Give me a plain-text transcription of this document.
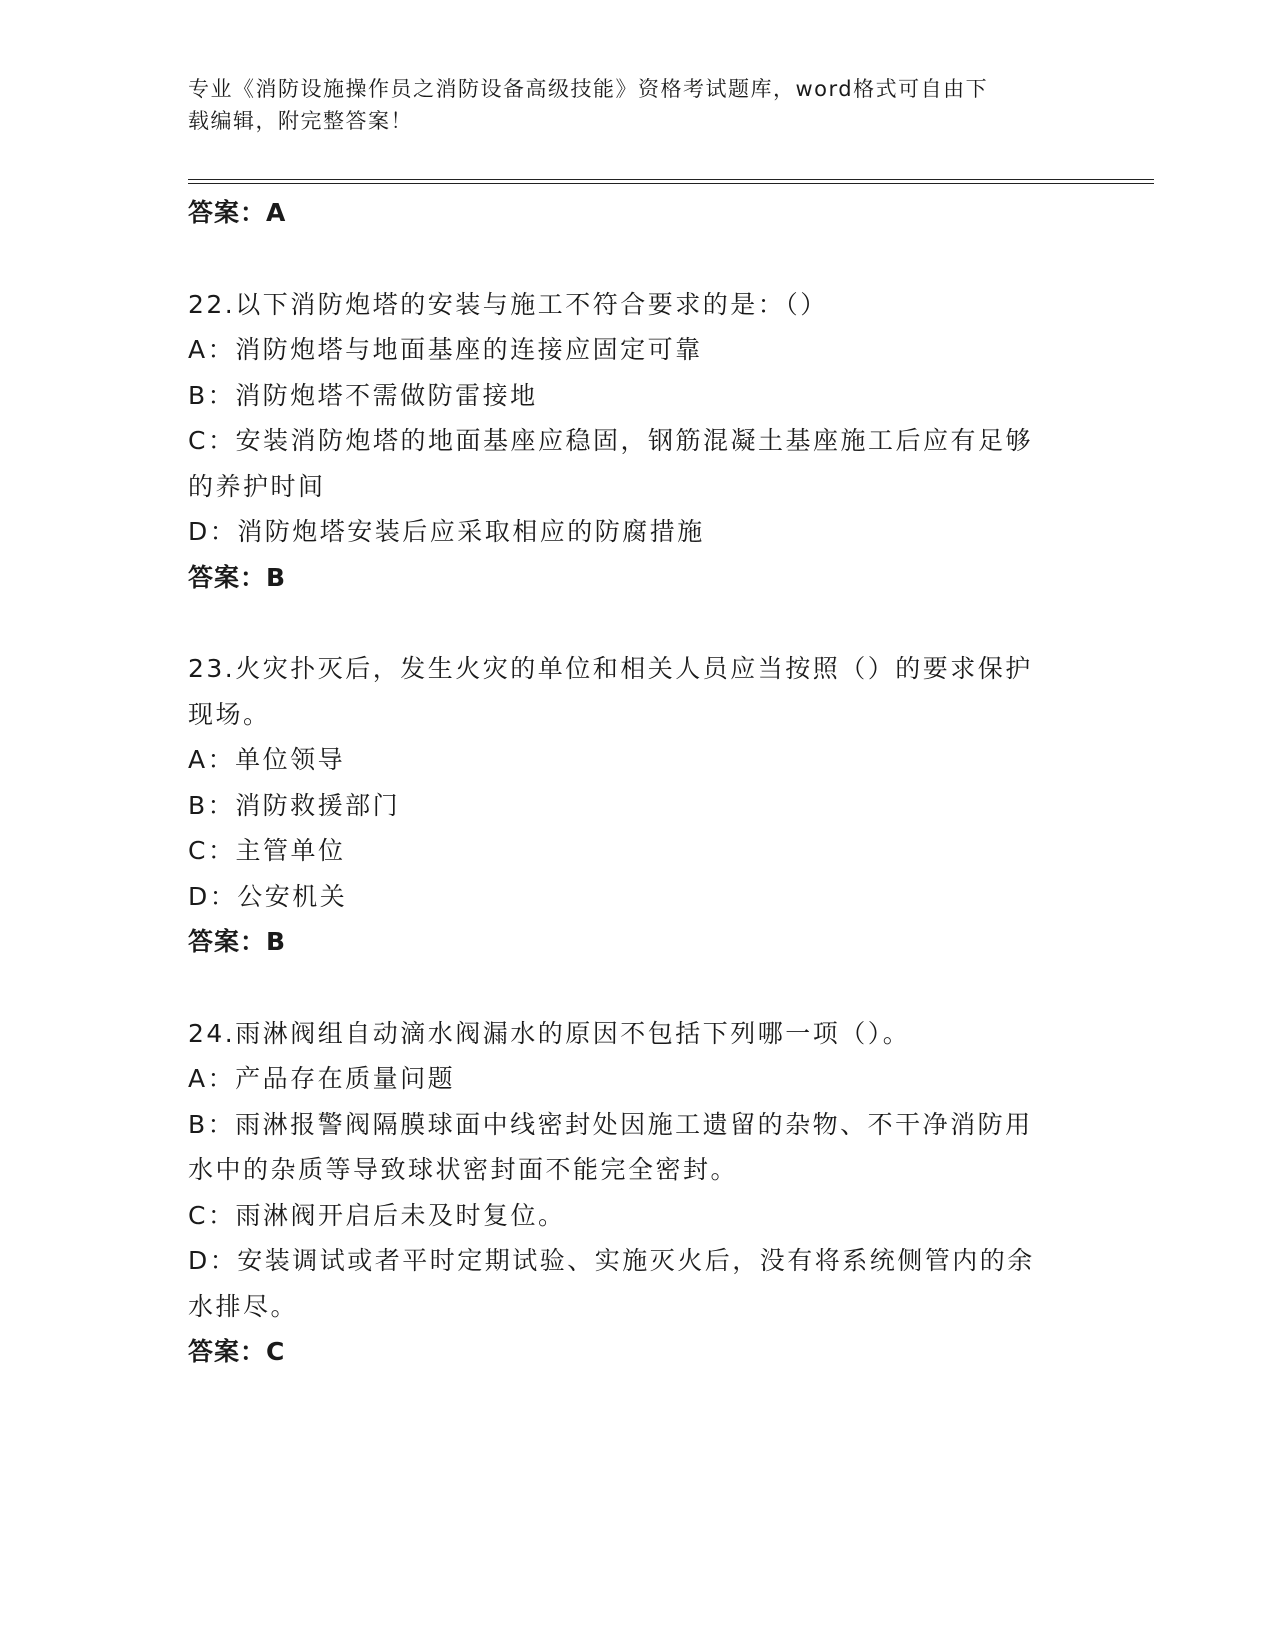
专业《消防设施操作员之消防设备高级技能》资格考试题库，word格式可自由下
载编辑，附完整答案！
答案：A
22.以下消防炮塔的安装与施工不符合要求的是：（）
A：消防炮塔与地面基座的连接应固定可靠
B：消防炮塔不需做防雷接地
C：安装消防炮塔的地面基座应稳固，钢筋混凝土基座施工后应有足够
的养护时间
D：消防炮塔安装后应采取相应的防腐措施
答案：B
23.火灾扑灭后，发生火灾的单位和相关人员应当按照（）的要求保护
现场。
A：单位领导
B：消防救援部门
C：主管单位
D：公安机关
答案：B
24.雨淋阀组自动滴水阀漏水的原因不包括下列哪一项（）。
A：产品存在质量问题
B：雨淋报警阀隔膜球面中线密封处因施工遗留的杂物、不干净消防用
水中的杂质等导致球状密封面不能完全密封。
C：雨淋阀开启后未及时复位。
D：安装调试或者平时定期试验、实施灭火后，没有将系统侧管内的余
水排尽。
答案：C
